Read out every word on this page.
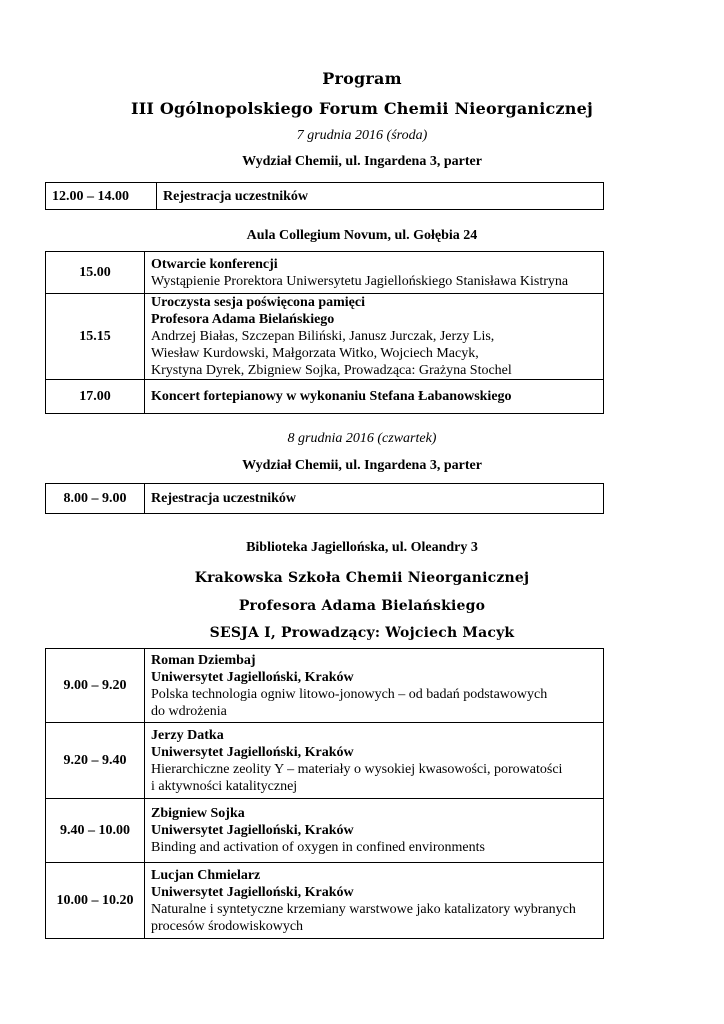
Program
III Ogólnopolskiego Forum Chemii Nieorganicznej
7 grudnia 2016 (środa)
Wydział Chemii, ul. Ingardena 3, parter
12.00 – 14.00	Rejestracja uczestników
Aula Collegium Novum, ul. Gołębia 24
15.00	Otwarcie konferencji
Wystąpienie Prorektora Uniwersytetu Jagiellońskiego Stanisława Kistryna

15.15	Uroczysta sesja poświęcona pamięci
Profesora Adama Bielańskiego
Andrzej Białas, Szczepan Biliński, Janusz Jurczak, Jerzy Lis,
Wiesław Kurdowski, Małgorzata Witko, Wojciech Macyk,
Krystyna Dyrek, Zbigniew Sojka, Prowadząca: Grażyna Stochel

17.00	Koncert fortepianowy w wykonaniu Stefana Łabanowskiego
8 grudnia 2016 (czwartek)
Wydział Chemii, ul. Ingardena 3, parter
8.00 – 9.00	Rejestracja uczestników
Biblioteka Jagiellońska, ul. Oleandry 3
Krakowska Szkoła Chemii Nieorganicznej
Profesora Adama Bielańskiego
SESJA I, Prowadzący: Wojciech Macyk
9.00 – 9.20	Roman Dziembaj
Uniwersytet Jagielloński, Kraków
Polska technologia ogniw litowo-jonowych – od badań podstawowych
do wdrożenia

9.20 – 9.40	Jerzy Datka
Uniwersytet Jagielloński, Kraków
Hierarchiczne zeolity Y – materiały o wysokiej kwasowości, porowatości
i aktywności katalitycznej

9.40 – 10.00	Zbigniew Sojka
Uniwersytet Jagielloński, Kraków
Binding and activation of oxygen in confined environments

10.00 – 10.20	Lucjan Chmielarz
Uniwersytet Jagielloński, Kraków
Naturalne i syntetyczne krzemiany warstwowe jako katalizatory wybranych
procesów środowiskowych
